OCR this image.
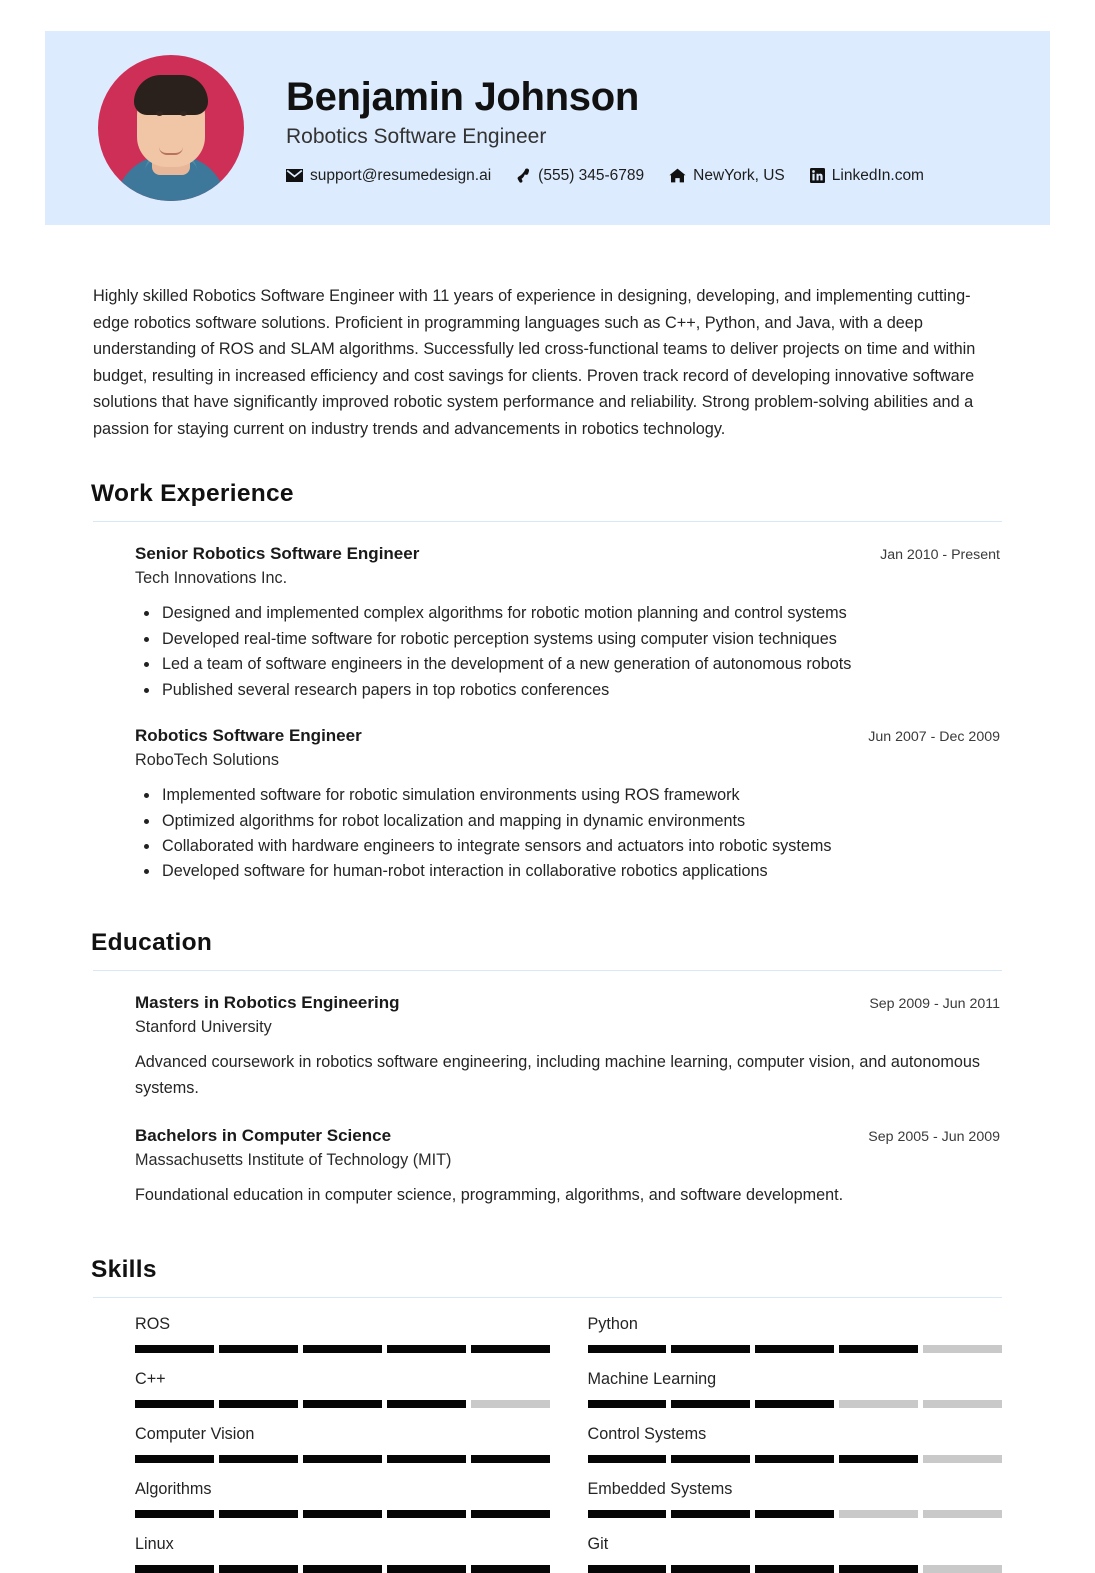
Benjamin Johnson
Robotics Software Engineer
support@resumedesign.ai	(555) 345-6789	NewYork, US	LinkedIn.com
Highly skilled Robotics Software Engineer with 11 years of experience in designing, developing, and implementing cutting-edge robotics software solutions. Proficient in programming languages such as C++, Python, and Java, with a deep understanding of ROS and SLAM algorithms. Successfully led cross-functional teams to deliver projects on time and within budget, resulting in increased efficiency and cost savings for clients. Proven track record of developing innovative software solutions that have significantly improved robotic system performance and reliability. Strong problem-solving abilities and a passion for staying current on industry trends and advancements in robotics technology.
Work Experience
Senior Robotics Software Engineer	Jan 2010 - Present
Tech Innovations Inc.
Designed and implemented complex algorithms for robotic motion planning and control systems
Developed real-time software for robotic perception systems using computer vision techniques
Led a team of software engineers in the development of a new generation of autonomous robots
Published several research papers in top robotics conferences
Robotics Software Engineer	Jun 2007 - Dec 2009
RoboTech Solutions
Implemented software for robotic simulation environments using ROS framework
Optimized algorithms for robot localization and mapping in dynamic environments
Collaborated with hardware engineers to integrate sensors and actuators into robotic systems
Developed software for human-robot interaction in collaborative robotics applications
Education
Masters in Robotics Engineering	Sep 2009 - Jun 2011
Stanford University
Advanced coursework in robotics software engineering, including machine learning, computer vision, and autonomous systems.
Bachelors in Computer Science	Sep 2005 - Jun 2009
Massachusetts Institute of Technology (MIT)
Foundational education in computer science, programming, algorithms, and software development.
Skills
ROS	Python
C++	Machine Learning
Computer Vision	Control Systems
Algorithms	Embedded Systems
Linux	Git
